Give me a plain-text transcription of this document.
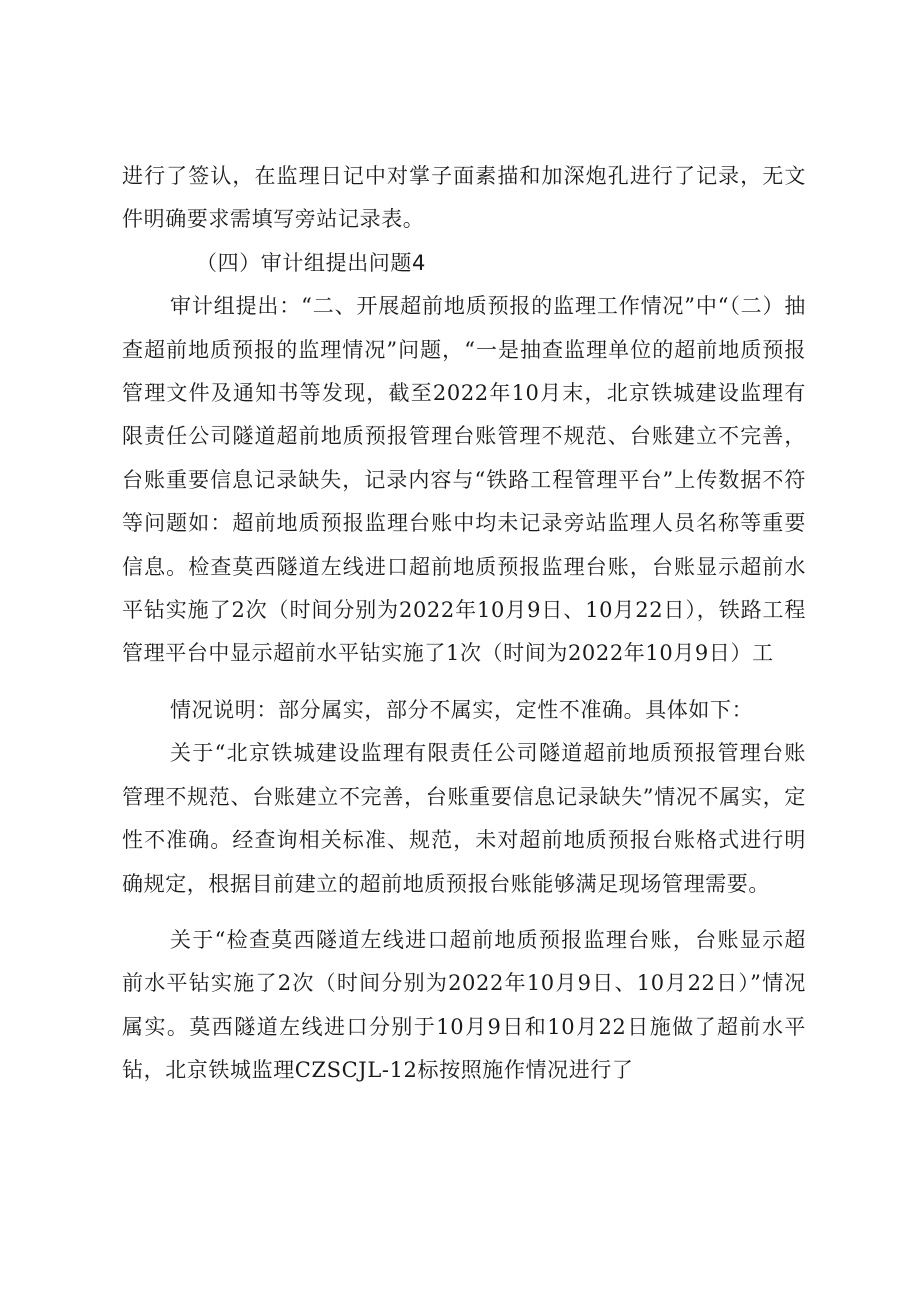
进行了签认，在监理日记中对掌子面素描和加深炮孔进行了记录，无文件明确要求需填写旁站记录表。

（四）审计组提出问题4

审计组提出：“二、开展超前地质预报的监理工作情况”中“（二）抽查超前地质预报的监理情况”问题，“一是抽查监理单位的超前地质预报管理文件及通知书等发现，截至2022年10月末，北京铁城建设监理有限责任公司隧道超前地质预报管理台账管理不规范、台账建立不完善，台账重要信息记录缺失，记录内容与“铁路工程管理平台”上传数据不符等问题如：超前地质预报监理台账中均未记录旁站监理人员名称等重要信息。检查莫西隧道左线进口超前地质预报监理台账，台账显示超前水平钻实施了2次（时间分别为2022年10月9日、10月22日），铁路工程管理平台中显示超前水平钻实施了1次（时间为2022年10月9日）工

情况说明：部分属实，部分不属实，定性不准确。具体如下：

关于“北京铁城建设监理有限责任公司隧道超前地质预报管理台账管理不规范、台账建立不完善，台账重要信息记录缺失”情况不属实，定性不准确。经查询相关标准、规范，未对超前地质预报台账格式进行明确规定，根据目前建立的超前地质预报台账能够满足现场管理需要。

关于“检查莫西隧道左线进口超前地质预报监理台账，台账显示超前水平钻实施了2次（时间分别为2022年10月9日、10月22日）”情况属实。莫西隧道左线进口分别于10月9日和10月22日施做了超前水平钻，北京铁城监理CZSCJL-12标按照施作情况进行了
